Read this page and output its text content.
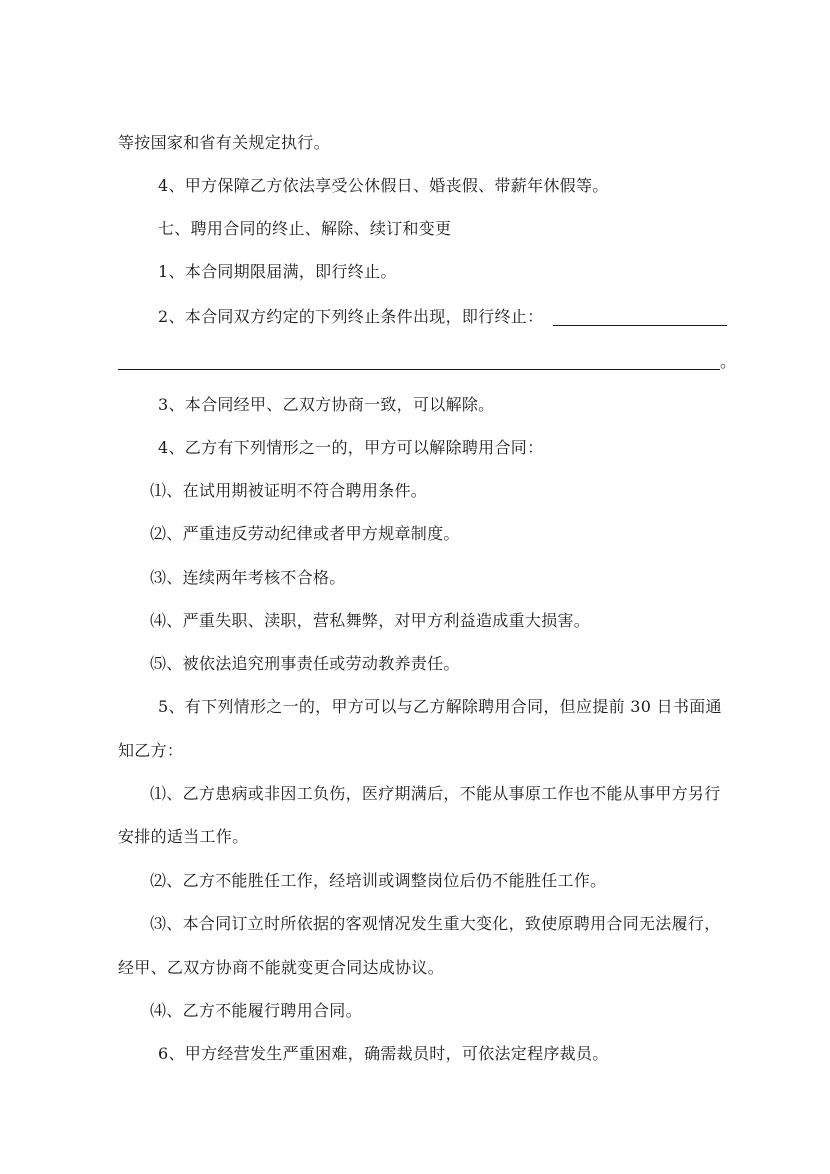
等按国家和省有关规定执行。
4、甲方保障乙方依法享受公休假日、婚丧假、带薪年休假等。
七、聘用合同的终止、解除、续订和变更
1、本合同期限届满，即行终止。
2、本合同双方约定的下列终止条件出现，即行终止：
。
3、本合同经甲、乙双方协商一致，可以解除。
4、乙方有下列情形之一的，甲方可以解除聘用合同：
⑴、在试用期被证明不符合聘用条件。
⑵、严重违反劳动纪律或者甲方规章制度。
⑶、连续两年考核不合格。
⑷、严重失职、渎职，营私舞弊，对甲方利益造成重大损害。
⑸、被依法追究刑事责任或劳动教养责任。
5、有下列情形之一的，甲方可以与乙方解除聘用合同，但应提前 30 日书面通
知乙方：
⑴、乙方患病或非因工负伤，医疗期满后，不能从事原工作也不能从事甲方另行
安排的适当工作。
⑵、乙方不能胜任工作，经培训或调整岗位后仍不能胜任工作。
⑶、本合同订立时所依据的客观情况发生重大变化，致使原聘用合同无法履行，
经甲、乙双方协商不能就变更合同达成协议。
⑷、乙方不能履行聘用合同。
6、甲方经营发生严重困难，确需裁员时，可依法定程序裁员。
